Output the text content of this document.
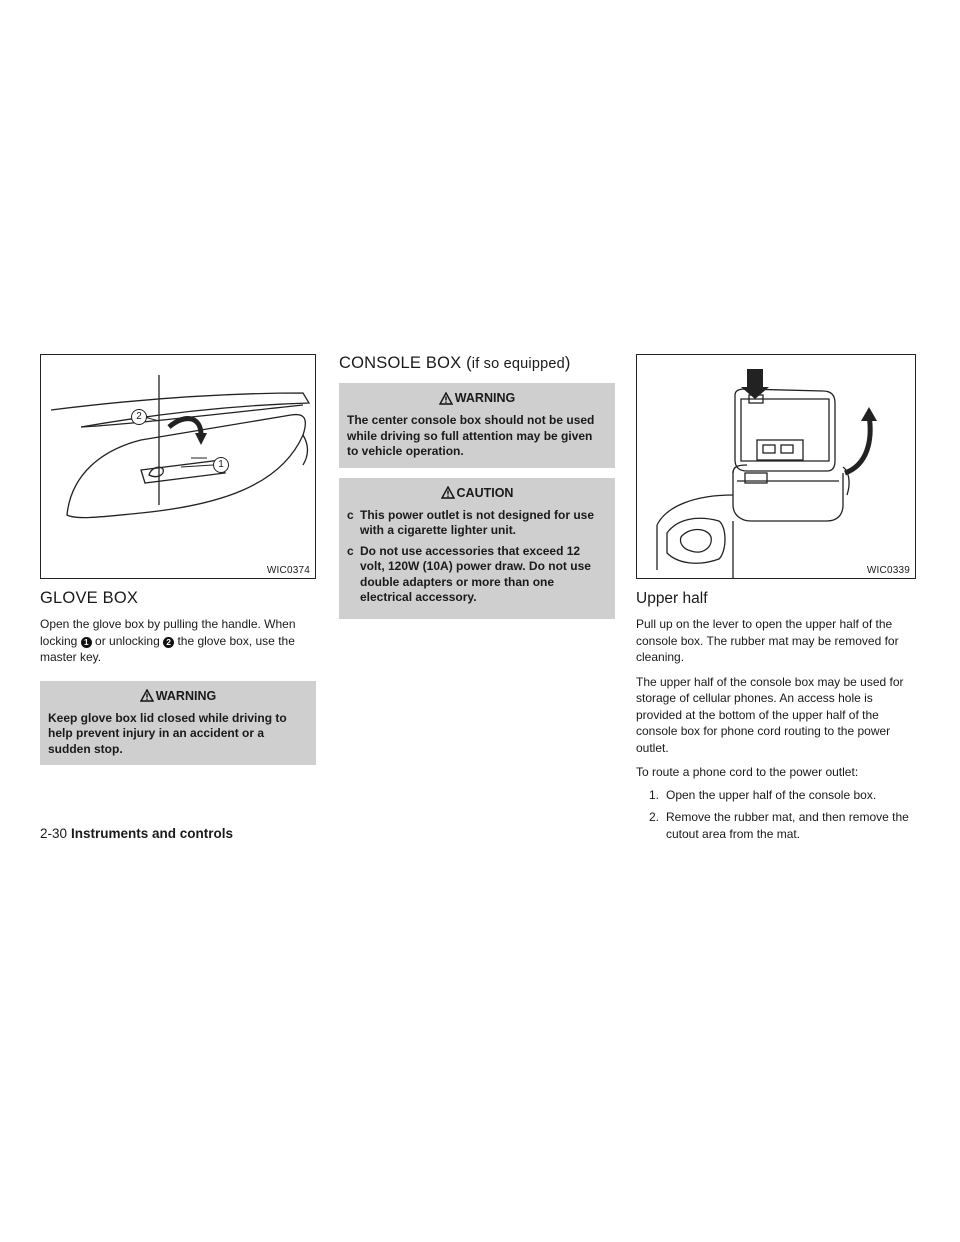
2
1
WIC0374
GLOVE BOX

Open the glove box by pulling the handle. When locking 1 or unlocking 2 the glove box, use the master key.

WARNING
Keep glove box lid closed while driving to help prevent injury in an accident or a sudden stop.
CONSOLE BOX (if so equipped)
WARNING
The center console box should not be used while driving so full attention may be given to vehicle operation.
CAUTION
c This power outlet is not designed for use with a cigarette lighter unit.
c Do not use accessories that exceed 12 volt, 120W (10A) power draw. Do not use double adapters or more than one electrical accessory.
WIC0339
Upper half

Pull up on the lever to open the upper half of the console box. The rubber mat may be removed for cleaning.

The upper half of the console box may be used for storage of cellular phones. An access hole is provided at the bottom of the upper half of the console box for phone cord routing to the power outlet.

To route a phone cord to the power outlet:

1. Open the upper half of the console box.
2. Remove the rubber mat, and then remove the cutout area from the mat.
2-30 Instruments and controls
